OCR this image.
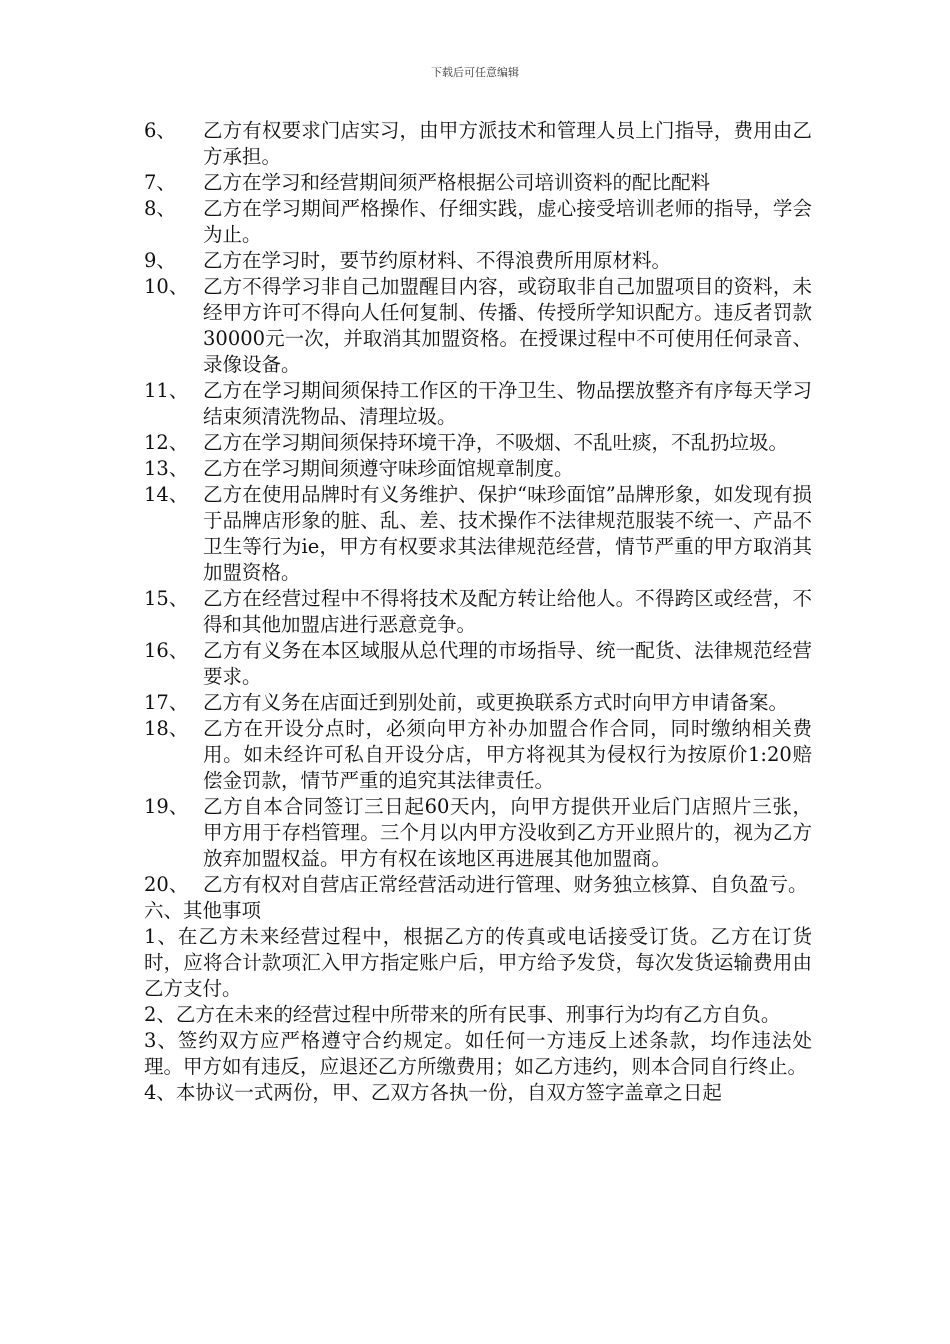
下载后可任意编辑
6、	乙方有权要求门店实习，由甲方派技术和管理人员上门指导，费用由乙方承担。
7、	乙方在学习和经营期间须严格根据公司培训资料的配比配料
8、	乙方在学习期间严格操作、仔细实践，虚心接受培训老师的指导，学会为止。
9、	乙方在学习时，要节约原材料、不得浪费所用原材料。
10、 乙方不得学习非自己加盟醒目内容，或窃取非自己加盟项目的资料，未经甲方许可不得向人任何复制、传播、传授所学知识配方。违反者罚款30000元一次，并取消其加盟资格。在授课过程中不可使用任何录音、录像设备。
11、 乙方在学习期间须保持工作区的干净卫生、物品摆放整齐有序每天学习结束须清洗物品、清理垃圾。
12、 乙方在学习期间须保持环境干净，不吸烟、不乱吐痰，不乱扔垃圾。
13、 乙方在学习期间须遵守味珍面馆规章制度。
14、 乙方在使用品牌时有义务维护、保护“味珍面馆”品牌形象，如发现有损于品牌店形象的脏、乱、差、技术操作不法律规范服装不统一、产品不卫生等行为ie，甲方有权要求其法律规范经营，情节严重的甲方取消其加盟资格。
15、 乙方在经营过程中不得将技术及配方转让给他人。不得跨区或经营，不得和其他加盟店进行恶意竞争。
16、 乙方有义务在本区域服从总代理的市场指导、统一配货、法律规范经营要求。
17、 乙方有义务在店面迁到别处前，或更换联系方式时向甲方申请备案。
18、 乙方在开设分点时，必须向甲方补办加盟合作合同，同时缴纳相关费用。如未经许可私自开设分店，甲方将视其为侵权行为按原价1:20赔偿金罚款，情节严重的追究其法律责任。
19、 乙方自本合同签订三日起60天内，向甲方提供开业后门店照片三张，甲方用于存档管理。三个月以内甲方没收到乙方开业照片的，视为乙方放弃加盟权益。甲方有权在该地区再进展其他加盟商。
20、 乙方有权对自营店正常经营活动进行管理、财务独立核算、自负盈亏。
六、其他事项
1、在乙方未来经营过程中，根据乙方的传真或电话接受订货。乙方在订货时，应将合计款项汇入甲方指定账户后，甲方给予发贷，每次发货运输费用由乙方支付。
2、乙方在未来的经营过程中所带来的所有民事、刑事行为均有乙方自负。
3、签约双方应严格遵守合约规定。如任何一方违反上述条款，均作违法处理。甲方如有违反，应退还乙方所缴费用；如乙方违约，则本合同自行终止。
4、本协议一式两份，甲、乙双方各执一份，自双方签字盖章之日起
